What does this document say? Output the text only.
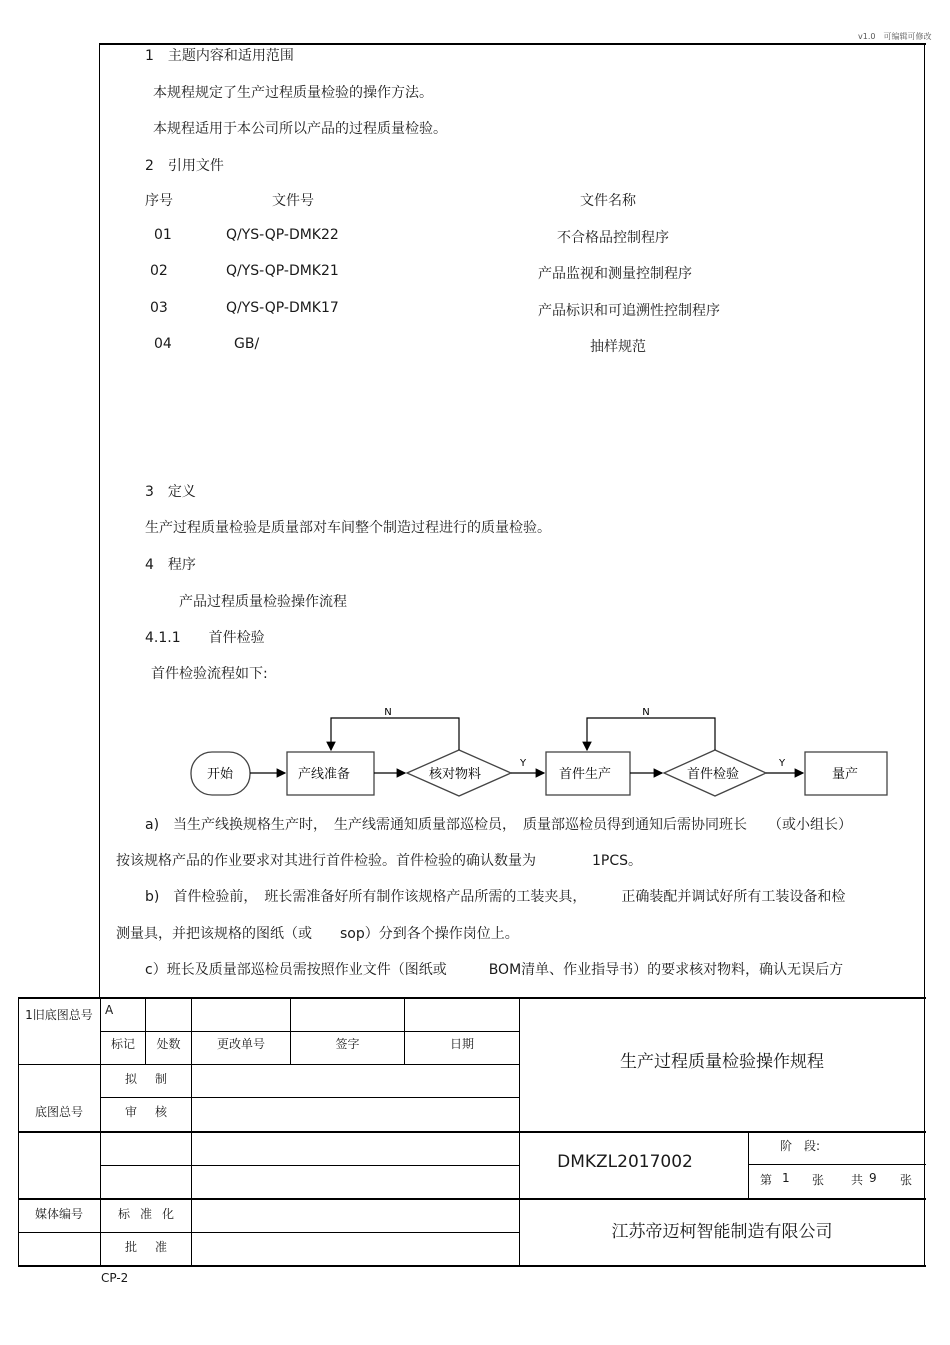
v1.0　可编辑可修改
1　主题内容和适用范围
本规程规定了生产过程质量检验的操作方法。
本规程适用于本公司所以产品的过程质量检验。
2　引用文件
序号	文件号	文件名称
01	Q/YS-QP-DMK22	不合格品控制程序
02	Q/YS-QP-DMK21	产品监视和测量控制程序
03	Q/YS-QP-DMK17	产品标识和可追溯性控制程序
04	GB/	抽样规范
3　定义
生产过程质量检验是质量部对车间整个制造过程进行的质量检验。
4　程序
产品过程质量检验操作流程
4.1.1　　首件检验
首件检验流程如下:
开始	产线准备	核对物料	首件生产	首件检验	量产
N	N
Y	Y
a)　当生产线换规格生产时，　生产线需通知质量部巡检员，　质量部巡检员得到通知后需协同班长　　（或小组长）
按该规格产品的作业要求对其进行首件检验。首件检验的确认数量为　　　　1PCS。
b)　首件检验前，　班长需准备好所有制作该规格产品所需的工装夹具，　　　正确装配并调试好所有工装设备和检
测量具，并把该规格的图纸（或　　sop）分到各个操作岗位上。
c）班长及质量部巡检员需按照作业文件（图纸或　　　BOM清单、作业指导书）的要求核对物料，确认无误后方
1旧底图总号	A
标记	处数	更改单号	签字	日期
拟制
底图总号	审核
媒体编号	标准化
批准
生产过程质量检验操作规程
DMKZL2017002
阶　段:
第 1 张 共 9 张
江苏帝迈柯智能制造有限公司
CP-2
